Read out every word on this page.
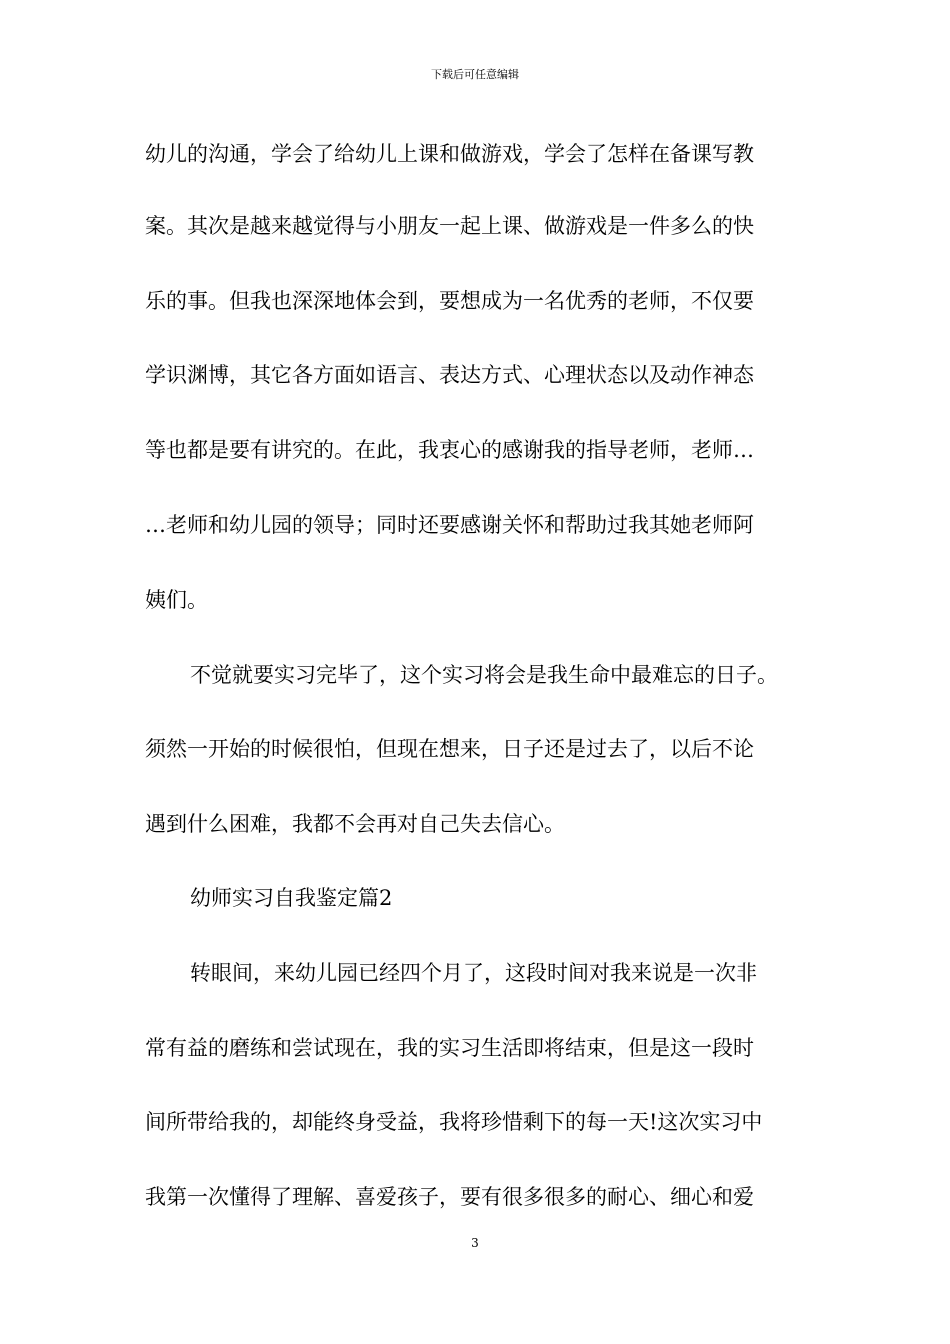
下载后可任意编辑
幼儿的沟通，学会了给幼儿上课和做游戏，学会了怎样在备课写教
案。其次是越来越觉得与小朋友一起上课、做游戏是一件多么的快
乐的事。但我也深深地体会到，要想成为一名优秀的老师，不仅要
学识渊博，其它各方面如语言、表达方式、心理状态以及动作神态
等也都是要有讲究的。在此，我衷心的感谢我的指导老师，老师…
…老师和幼儿园的领导；同时还要感谢关怀和帮助过我其她老师阿
姨们。
不觉就要实习完毕了，这个实习将会是我生命中最难忘的日子。
须然一开始的时候很怕，但现在想来，日子还是过去了，以后不论
遇到什么困难，我都不会再对自己失去信心。
幼师实习自我鉴定篇2
转眼间，来幼儿园已经四个月了，这段时间对我来说是一次非
常有益的磨练和尝试现在，我的实习生活即将结束，但是这一段时
间所带给我的，却能终身受益，我将珍惜剩下的每一天!这次实习中
我第一次懂得了理解、喜爱孩子，要有很多很多的耐心、细心和爱
3
